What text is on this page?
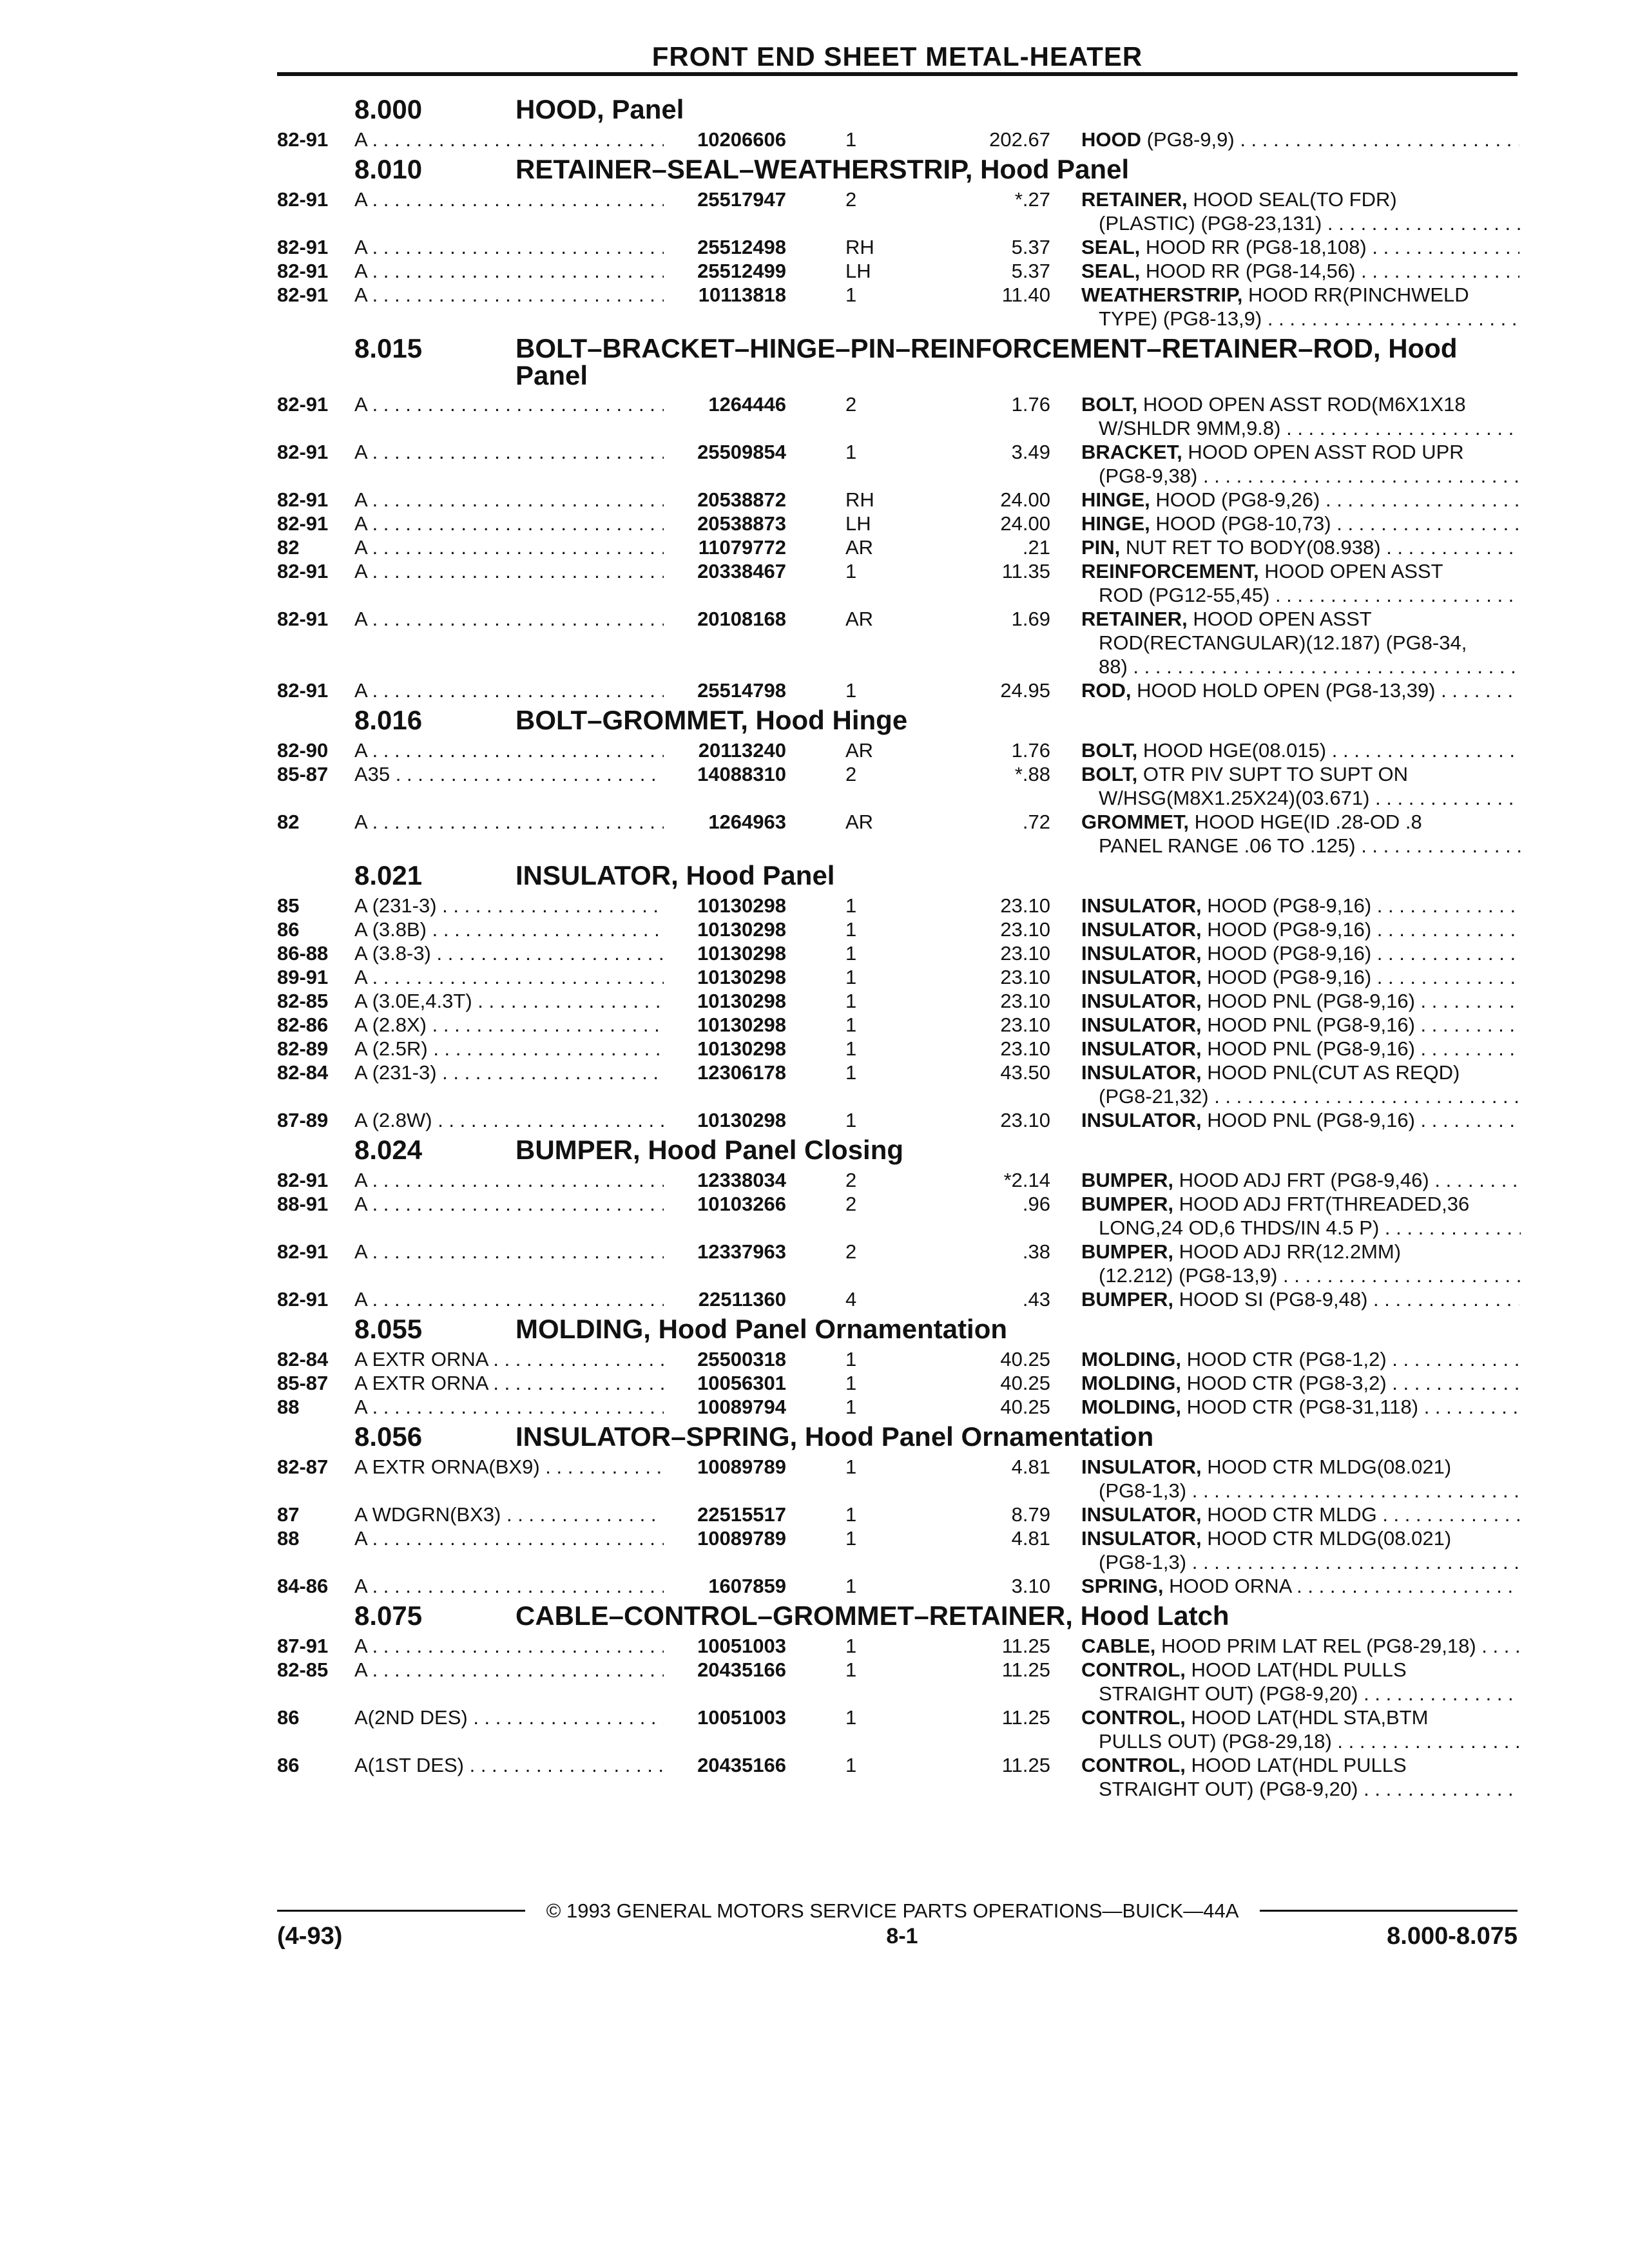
FRONT END SHEET METAL-HEATER
8.000	HOOD, Panel
82-91	A . . .	10206606	1	202.67 HOOD (PG8-9,9) . . .
8.010	RETAINER–SEAL–WEATHERSTRIP, Hood Panel
82-91	A . . .	25517947	2	*.27 RETAINER, HOOD SEAL(TO FDR)
(PLASTIC) (PG8-23,131) . . .
82-91	A . . .	25512498	RH	5.37 SEAL, HOOD RR (PG8-18,108) . . .
82-91	A . . .	25512499	LH	5.37 SEAL, HOOD RR (PG8-14,56) . . .
82-91	A . . .	10113818	1	11.40 WEATHERSTRIP, HOOD RR(PINCHWELD
TYPE) (PG8-13,9) . . .
8.015	BOLT–BRACKET–HINGE–PIN–REINFORCEMENT–RETAINER–ROD, Hood Panel
82-91	A . . .	1264446	2	1.76 BOLT, HOOD OPEN ASST ROD(M6X1X18
W/SHLDR 9MM,9.8) . . .
82-91	A . . .	25509854	1	3.49 BRACKET, HOOD OPEN ASST ROD UPR
(PG8-9,38) . . .
82-91	A . . .	20538872	RH	24.00 HINGE, HOOD (PG8-9,26) . . .
82-91	A . . .	20538873	LH	24.00 HINGE, HOOD (PG8-10,73) . . .
82	A . . .	11079772	AR	.21 PIN, NUT RET TO BODY(08.938) . . .
82-91	A . . .	20338467	1	11.35 REINFORCEMENT, HOOD OPEN ASST
ROD (PG12-55,45) . . .
82-91	A . . .	20108168	AR	1.69 RETAINER, HOOD OPEN ASST
ROD(RECTANGULAR)(12.187) (PG8-34,
88) . . .
82-91	A . . .	25514798	1	24.95 ROD, HOOD HOLD OPEN (PG8-13,39) . . .
8.016	BOLT–GROMMET, Hood Hinge
82-90	A . . .	20113240	AR	1.76 BOLT, HOOD HGE(08.015) . . .
85-87	A35 . . .	14088310	2	*.88 BOLT, OTR PIV SUPT TO SUPT ON
W/HSG(M8X1.25X24)(03.671) . . .
82	A . . .	1264963	AR	.72 GROMMET, HOOD HGE(ID .28-OD .8
PANEL RANGE .06 TO .125) . . .
8.021	INSULATOR, Hood Panel
85	A (231-3) . . .	10130298	1	23.10 INSULATOR, HOOD (PG8-9,16) . . .
86	A (3.8B) . . .	10130298	1	23.10 INSULATOR, HOOD (PG8-9,16) . . .
86-88	A (3.8-3) . . .	10130298	1	23.10 INSULATOR, HOOD (PG8-9,16) . . .
89-91	A . . .	10130298	1	23.10 INSULATOR, HOOD (PG8-9,16) . . .
82-85	A (3.0E,4.3T) . . .	10130298	1	23.10 INSULATOR, HOOD PNL (PG8-9,16) . . .
82-86	A (2.8X) . . .	10130298	1	23.10 INSULATOR, HOOD PNL (PG8-9,16) . . .
82-89	A (2.5R) . . .	10130298	1	23.10 INSULATOR, HOOD PNL (PG8-9,16) . . .
82-84	A (231-3) . . .	12306178	1	43.50 INSULATOR, HOOD PNL(CUT AS REQD)
(PG8-21,32) . . .
87-89	A (2.8W) . . .	10130298	1	23.10 INSULATOR, HOOD PNL (PG8-9,16) . . .
8.024	BUMPER, Hood Panel Closing
82-91	A . . .	12338034	2	*2.14 BUMPER, HOOD ADJ FRT (PG8-9,46) . . .
88-91	A . . .	10103266	2	.96 BUMPER, HOOD ADJ FRT(THREADED,36
LONG,24 OD,6 THDS/IN 4.5 P) . . .
82-91	A . . .	12337963	2	.38 BUMPER, HOOD ADJ RR(12.2MM)
(12.212) (PG8-13,9) . . .
82-91	A . . .	22511360	4	.43 BUMPER, HOOD SI (PG8-9,48) . . .
8.055	MOLDING, Hood Panel Ornamentation
82-84	A EXTR ORNA . . .	25500318	1	40.25 MOLDING, HOOD CTR (PG8-1,2) . . .
85-87	A EXTR ORNA . . .	10056301	1	40.25 MOLDING, HOOD CTR (PG8-3,2) . . .
88	A . . .	10089794	1	40.25 MOLDING, HOOD CTR (PG8-31,118) . . .
8.056	INSULATOR–SPRING, Hood Panel Ornamentation
82-87	A EXTR ORNA(BX9) . . .	10089789	1	4.81 INSULATOR, HOOD CTR MLDG(08.021)
(PG8-1,3) . . .
87	A WDGRN(BX3) . . .	22515517	1	8.79 INSULATOR, HOOD CTR MLDG . . .
88	A . . .	10089789	1	4.81 INSULATOR, HOOD CTR MLDG(08.021)
(PG8-1,3) . . .
84-86	A . . .	1607859	1	3.10 SPRING, HOOD ORNA . . .
8.075	CABLE–CONTROL–GROMMET–RETAINER, Hood Latch
87-91	A . . .	10051003	1	11.25 CABLE, HOOD PRIM LAT REL (PG8-29,18) . . .
82-85	A . . .	20435166	1	11.25 CONTROL, HOOD LAT(HDL PULLS
STRAIGHT OUT) (PG8-9,20) . . .
86	A(2ND DES) . . .	10051003	1	11.25 CONTROL, HOOD LAT(HDL STA,BTM
PULLS OUT) (PG8-29,18) . . .
86	A(1ST DES) . . .	20435166	1	11.25 CONTROL, HOOD LAT(HDL PULLS
STRAIGHT OUT) (PG8-9,20) . . .
© 1993 GENERAL MOTORS SERVICE PARTS OPERATIONS—BUICK—44A
(4-93)	8-1	8.000-8.075
